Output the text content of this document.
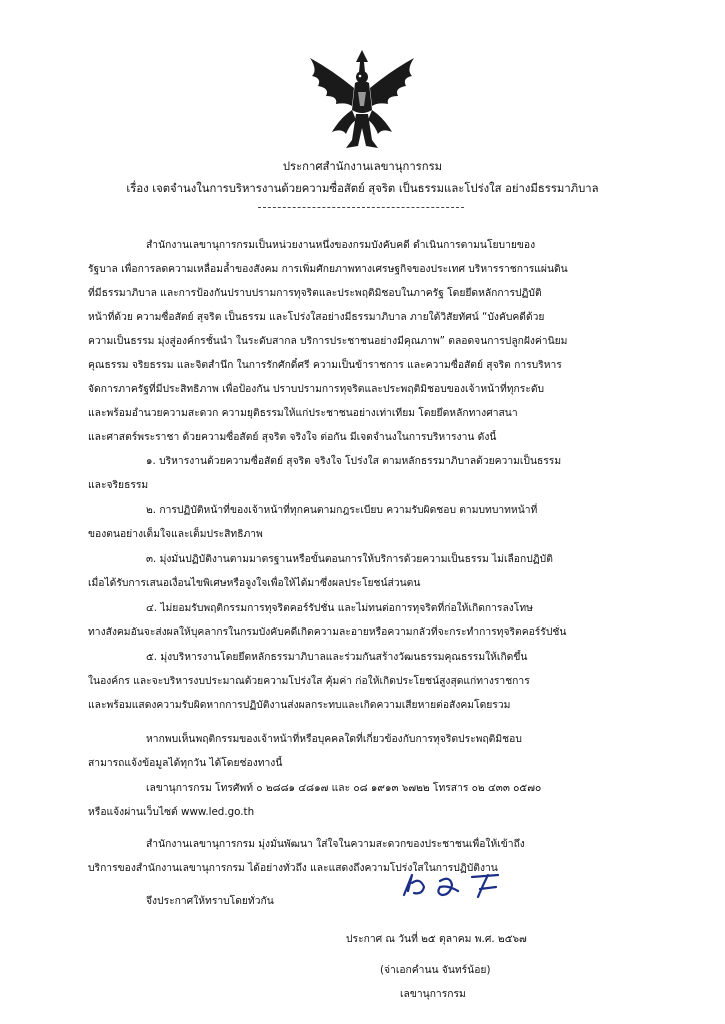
ประกาศสำนักงานเลขานุการกรม
เรื่อง เจตจำนงในการบริหารงานด้วยความซื่อสัตย์ สุจริต เป็นธรรมและโปร่งใส อย่างมีธรรมาภิบาล
สำนักงานเลขานุการกรมเป็นหน่วยงานหนึ่งของกรมบังคับคดี ดำเนินการตามนโยบายของ
รัฐบาล เพื่อการลดความเหลื่อมล้ำของสังคม การเพิ่มศักยภาพทางเศรษฐกิจของประเทศ บริหารราชการแผ่นดิน
ที่มีธรรมาภิบาล และการป้องกันปราบปรามการทุจริตและประพฤติมิชอบในภาครัฐ โดยยึดหลักการปฏิบัติ
หน้าที่ด้วย ความซื่อสัตย์ สุจริต เป็นธรรม และโปร่งใสอย่างมีธรรมาภิบาล ภายใต้วิสัยทัศน์ “บังคับคดีด้วย
ความเป็นธรรม มุ่งสู่องค์กรชั้นนำ ในระดับสากล บริการประชาชนอย่างมีคุณภาพ” ตลอดจนการปลูกฝังค่านิยม
คุณธรรม จริยธรรม และจิตสำนึก ในการรักศักดิ์ศรี ความเป็นข้าราชการ และความซื่อสัตย์ สุจริต การบริหาร
จัดการภาครัฐที่มีประสิทธิภาพ เพื่อป้องกัน ปราบปรามการทุจริตและประพฤติมิชอบของเจ้าหน้าที่ทุกระดับ
และพร้อมอำนวยความสะดวก ความยุติธรรมให้แก่ประชาชนอย่างเท่าเทียม โดยยึดหลักทางศาสนา
และศาสตร์พระราชา ด้วยความซื่อสัตย์ สุจริต จริงใจ ต่อกัน มีเจตจำนงในการบริหารงาน ดังนี้
๑. บริหารงานด้วยความซื่อสัตย์ สุจริต จริงใจ โปร่งใส ตามหลักธรรมาภิบาลด้วยความเป็นธรรม
และจริยธรรม
๒. การปฏิบัติหน้าที่ของเจ้าหน้าที่ทุกคนตามกฎระเบียบ ความรับผิดชอบ ตามบทบาทหน้าที่
ของตนอย่างเต็มใจและเต็มประสิทธิภาพ
๓. มุ่งมั่นปฏิบัติงานตามมาตรฐานหรือขั้นตอนการให้บริการด้วยความเป็นธรรม ไม่เลือกปฏิบัติ
เมื่อได้รับการเสนอเงื่อนไขพิเศษหรือจูงใจเพื่อให้ได้มาซึ่งผลประโยชน์ส่วนตน
๔. ไม่ยอมรับพฤติกรรมการทุจริตคอร์รัปชั่น และไม่ทนต่อการทุจริตที่ก่อให้เกิดการลงโทษ
ทางสังคมอันจะส่งผลให้บุคลากรในกรมบังคับคดีเกิดความละอายหรือความกลัวที่จะกระทำการทุจริตคอร์รัปชั่น
๕. มุ่งบริหารงานโดยยึดหลักธรรมาภิบาลและร่วมกันสร้างวัฒนธรรมคุณธรรมให้เกิดขึ้น
ในองค์กร และจะบริหารงบประมาณด้วยความโปร่งใส คุ้มค่า ก่อให้เกิดประโยชน์สูงสุดแก่ทางราชการ
และพร้อมแสดงความรับผิดหากการปฏิบัติงานส่งผลกระทบและเกิดความเสียหายต่อสังคมโดยรวม
หากพบเห็นพฤติกรรมของเจ้าหน้าที่หรือบุคคลใดที่เกี่ยวข้องกับการทุจริตประพฤติมิชอบ
สามารถแจ้งข้อมูลได้ทุกวัน ได้โดยช่องทางนี้
เลขานุการกรม โทรศัพท์ ๐ ๒๘๘๑ ๔๘๑๗ และ ๐๘ ๑๙๑๓ ๖๗๒๒ โทรสาร ๐๒ ๔๓๓ ๐๕๗๐
หรือแจ้งผ่านเว็บไซต์ www.led.go.th
สำนักงานเลขานุการกรม มุ่งมั่นพัฒนา ใส่ใจในความสะดวกของประชาชนเพื่อให้เข้าถึง
บริการของสำนักงานเลขานุการกรม ได้อย่างทั่วถึง และแสดงถึงความโปร่งใสในการปฏิบัติงาน
จึงประกาศให้ทราบโดยทั่วกัน
ประกาศ ณ วันที่ ๒๕ ตุลาคม พ.ศ. ๒๕๖๗
(จ่าเอกคำนน จันทร์น้อย)
เลขานุการกรม
